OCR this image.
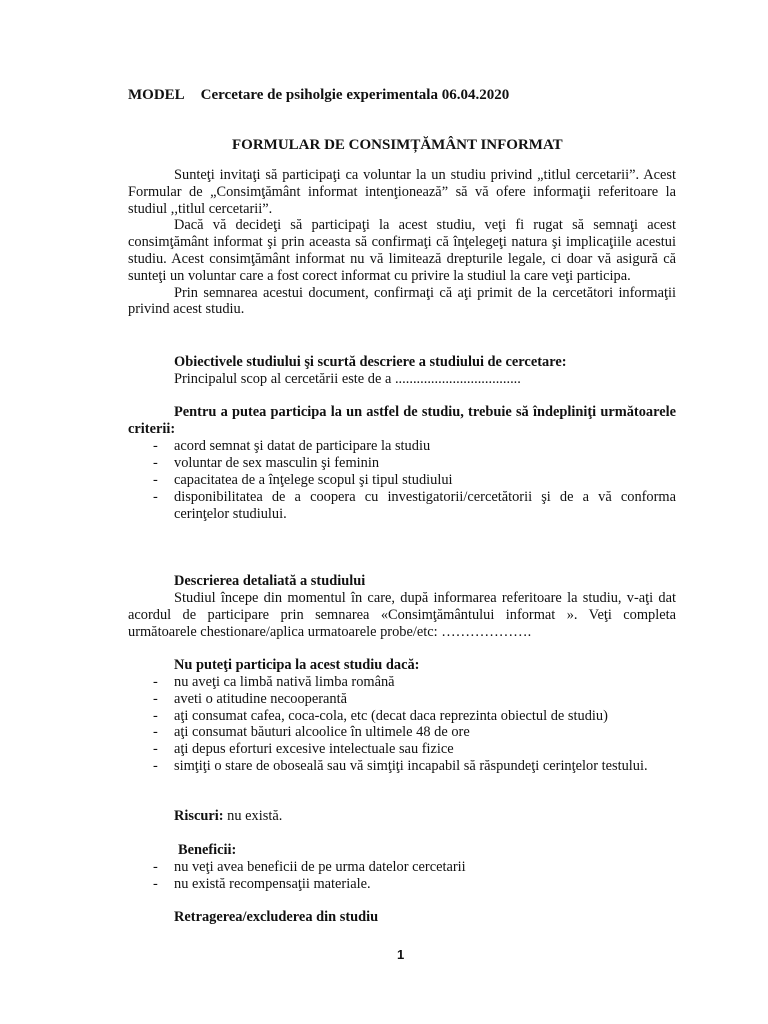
MODEL Cercetare de psiholgie experimentala 06.04.2020
FORMULAR DE CONSIMȚĂMÂNT INFORMAT

Sunteţi invitaţi să participaţi ca voluntar la un studiu privind „titlul cercetarii”. Acest Formular de „Consimţământ informat intenţionează” să vă ofere informaţii referitoare la studiul ,,titlul cercetarii”.

Dacă vă decideţi să participaţi la acest studiu, veţi fi rugat să semnaţi acest consimţământ informat şi prin aceasta să confirmaţi că înţelegeţi natura şi implicaţiile acestui studiu. Acest consimţământ informat nu vă limitează drepturile legale, ci doar vă asigură că sunteţi un voluntar care a fost corect informat cu privire la studiul la care veţi participa.

Prin semnarea acestui document, confirmaţi că aţi primit de la cercetători informaţii privind acest studiu.

Obiectivele studiului şi scurtă descriere a studiului de cercetare:
Principalul scop al cercetării este de a ...................................
Pentru a putea participa la un astfel de studiu, trebuie să îndepliniţi următoarele criterii:
- acord semnat şi datat de participare la studiu
- voluntar de sex masculin şi feminin
- capacitatea de a înţelege scopul şi tipul studiului
- disponibilitatea de a coopera cu investigatorii/cercetătorii şi de a vă conforma cerinţelor studiului.
Descrierea detaliată a studiului
Studiul începe din momentul în care, după informarea referitoare la studiu, v-aţi dat acordul de participare prin semnarea «Consimţământului informat ». Veţi completa următoarele chestionare/aplica urmatoarele probe/etc: ……………….
Nu puteţi participa la acest studiu dacă:
- nu aveţi ca limbă nativă limba română
- aveti o atitudine necooperantă
- aţi consumat cafea, coca-cola, etc (decat daca reprezinta obiectul de studiu)
- aţi consumat băuturi alcoolice în ultimele 48 de ore
- aţi depus eforturi excesive intelectuale sau fizice
- simţiţi o stare de oboseală sau vă simţiţi incapabil să răspundeţi cerinţelor testului.
Riscuri: nu există.
Beneficii:
- nu veţi avea beneficii de pe urma datelor cercetarii
- nu există recompensaţii materiale.
Retragerea/excluderea din studiu
1
